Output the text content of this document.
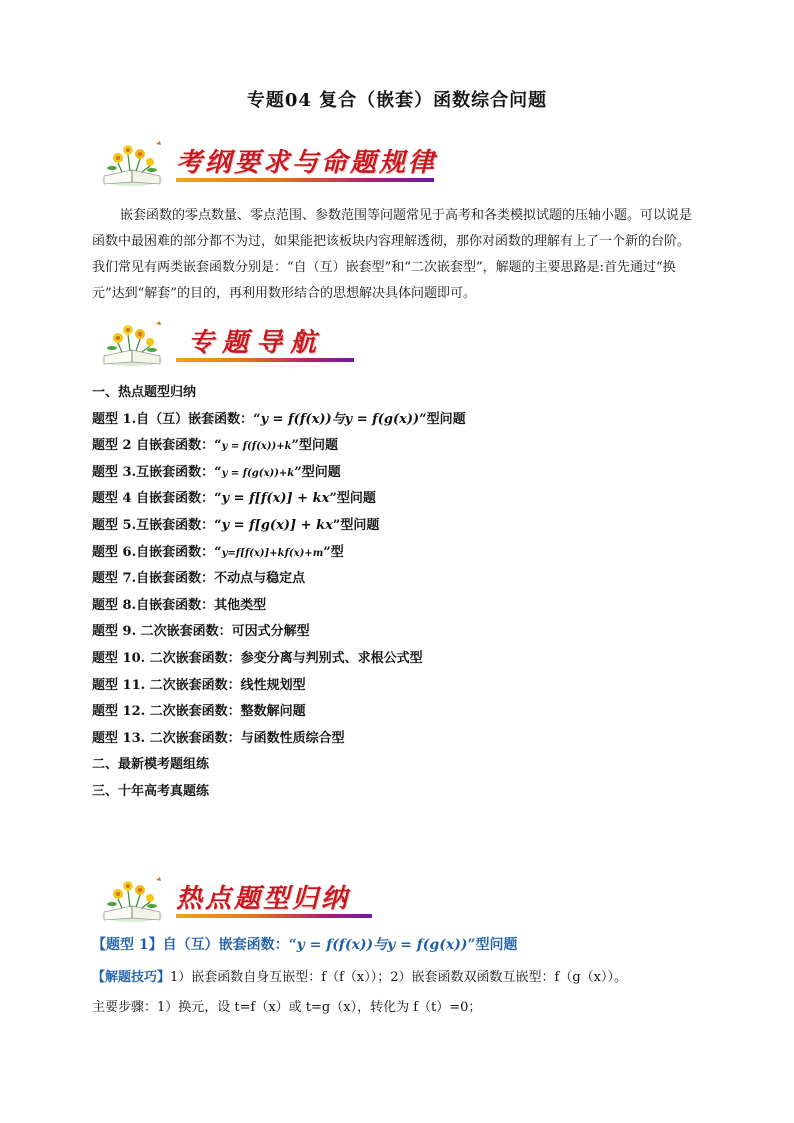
专题04 复合（嵌套）函数综合问题
考纲要求与命题规律
嵌套函数的零点数量、零点范围、参数范围等问题常见于高考和各类模拟试题的压轴小题。可以说是函数中最困难的部分都不为过，如果能把该板块内容理解透彻，那你对函数的理解有上了一个新的台阶。我们常见有两类嵌套函数分别是：“自（互）嵌套型”和“二次嵌套型”，解题的主要思路是:首先通过“换元”达到“解套”的目的，再利用数形结合的思想解决具体问题即可。
专题导航
一、热点题型归纳
题型 1.自（互）嵌套函数：“y = f(f(x))与y = f(g(x))”型问题
题型 2 自嵌套函数：“y = f(f(x))+k”型问题
题型 3.互嵌套函数：“y = f(g(x))+k”型问题
题型 4 自嵌套函数：“y = f[f(x)] + kx”型问题
题型 5.互嵌套函数：“y = f[g(x)] + kx”型问题
题型 6.自嵌套函数：“y=f[f(x)]+kf(x)+m”型
题型 7.自嵌套函数：不动点与稳定点
题型 8.自嵌套函数：其他类型
题型 9. 二次嵌套函数：可因式分解型
题型 10. 二次嵌套函数：参变分离与判别式、求根公式型
题型 11. 二次嵌套函数：线性规划型
题型 12. 二次嵌套函数：整数解问题
题型 13. 二次嵌套函数：与函数性质综合型
二、最新模考题组练
三、十年高考真题练
热点题型归纳
【题型 1】自（互）嵌套函数：“y = f(f(x))与y = f(g(x))”型问题
【解题技巧】1）嵌套函数自身互嵌型：f（f（x））；2）嵌套函数双函数互嵌型：f（g（x））。
主要步骤：1）换元，设 t=f（x）或 t=g（x），转化为 f（t）=0；
